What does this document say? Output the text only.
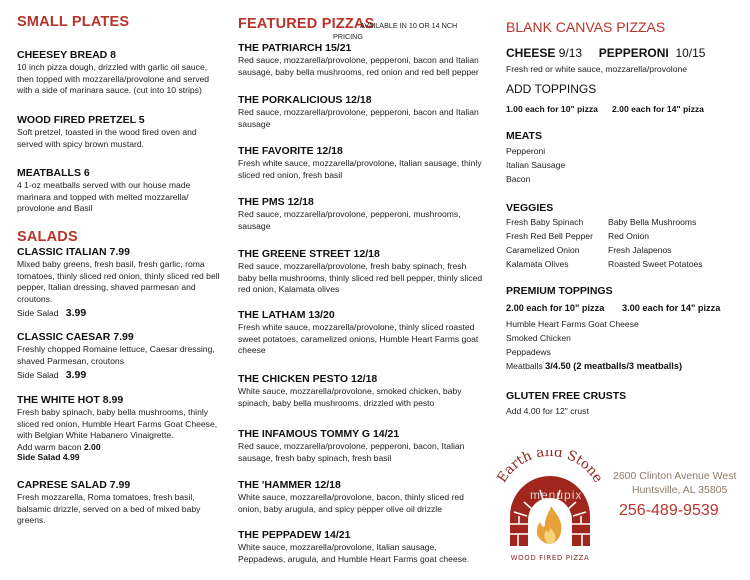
SMALL PLATES
CHEESEY BREAD 8
10 inch pizza dough, drizzled with garlic oil sauce, then topped with mozzarella/provolone and served with a side of marinara sauce. (cut into 10 strips)
WOOD FIRED PRETZEL 5
Soft pretzel, toasted in the wood fired oven and served with spicy brown mustard.
MEATBALLS 6
4 1-oz meatballs served with our house made marinara and topped with melted mozzarella/ provolone and Basil
SALADS
CLASSIC ITALIAN 7.99
Mixed baby greens, fresh basil, fresh garlic, roma tomatoes, thinly sliced red onion, thinly sliced red bell pepper, Italian dressing, shaved parmesan and croutons.
Side Salad 3.99
CLASSIC CAESAR 7.99
Freshly chopped Romaine lettuce, Caesar dressing, shaved Parmesan, croutons
Side Salad 3.99
THE WHITE HOT 8.99
Fresh baby spinach, baby bella mushrooms, thinly sliced red onion, Humble Heart Farms Goat Cheese, with Belgian White Habanero Vinaigrette.
Add warm bacon 2.00
Side Salad 4.99
CAPRESE SALAD 7.99
Fresh mozzarella, Roma tomatoes, fresh basil, balsamic drizzle, served on a bed of mixed baby greens.
FEATURED PIZZAS
AVAILABLE IN 10 OR 14 NCH
PRICING
THE PATRIARCH 15/21
Red sauce, mozzarella/provolone, pepperoni, bacon and Italian sausage, baby bella mushrooms, red onion and red bell pepper
THE PORKALICIOUS 12/18
Red sauce, mozzarella/provolone, pepperoni, bacon and Italian sausage
THE FAVORITE 12/18
Fresh white sauce, mozzarella/provolone, Italian sausage, thinly sliced red onion, fresh basil
THE PMS 12/18
Red sauce, mozzarella/provolone, pepperoni, mushrooms, sausage
THE GREENE STREET 12/18
Red sauce, mozzarella/provolone, fresh baby spinach, fresh baby bella mushrooms, thinly sliced red bell pepper, thinly sliced red onion, Kalamata olives
THE LATHAM 13/20
Fresh white sauce, mozzarella/provolone, thinly sliced roasted sweet potatoes, caramelized onions, Humble Heart Farms goat cheese
THE CHICKEN PESTO 12/18
White sauce, mozzarella/provolone, smoked chicken, baby spinach, baby bella mushrooms, drizzled with pesto
THE INFAMOUS TOMMY G 14/21
Red sauce, mozzarella/provolone, pepperoni, bacon, Italian sausage, fresh baby spinach, fresh basil
THE 'HAMMER 12/18
White sauce, mozzarella/provolone, bacon, thinly sliced red onion, baby arugula, and spicy pepper olive oil drizzle
THE PEPPADEW 14/21
White sauce, mozzarella/provolone, Italian sausage, Peppadews, arugula, and Humble Heart Farms goat cheese.
BLANK CANVAS PIZZAS
CHEESE 9/13 PEPPERONI 10/15
Fresh red or white sauce, mozzarella/provolone
ADD TOPPINGS
1.00 each for 10" pizza 2.00 each for 14" pizza
MEATS
Pepperoni
Italian Sausage
Bacon
VEGGIES
Fresh Baby Spinach
Fresh Red Bell Pepper
Caramelized Onion
Kalamata Olives
Baby Bella Mushrooms
Red Onion
Fresh Jalapenos
Roasted Sweet Potatoes
PREMIUM TOPPINGS
2.00 each for 10" pizza 3.00 each for 14" pizza
Humble Heart Farms Goat Cheese
Smoked Chicken
Peppadews
Meatballs 3/4.50 (2 meatballs/3 meatballs)
GLUTEN FREE CRUSTS
Add 4.00 for 12" crust
Earth and Stone
WOOD FIRED PIZZA
menupix
2600 Clinton Avenue West
Huntsville, AL 35805
256-489-9539
